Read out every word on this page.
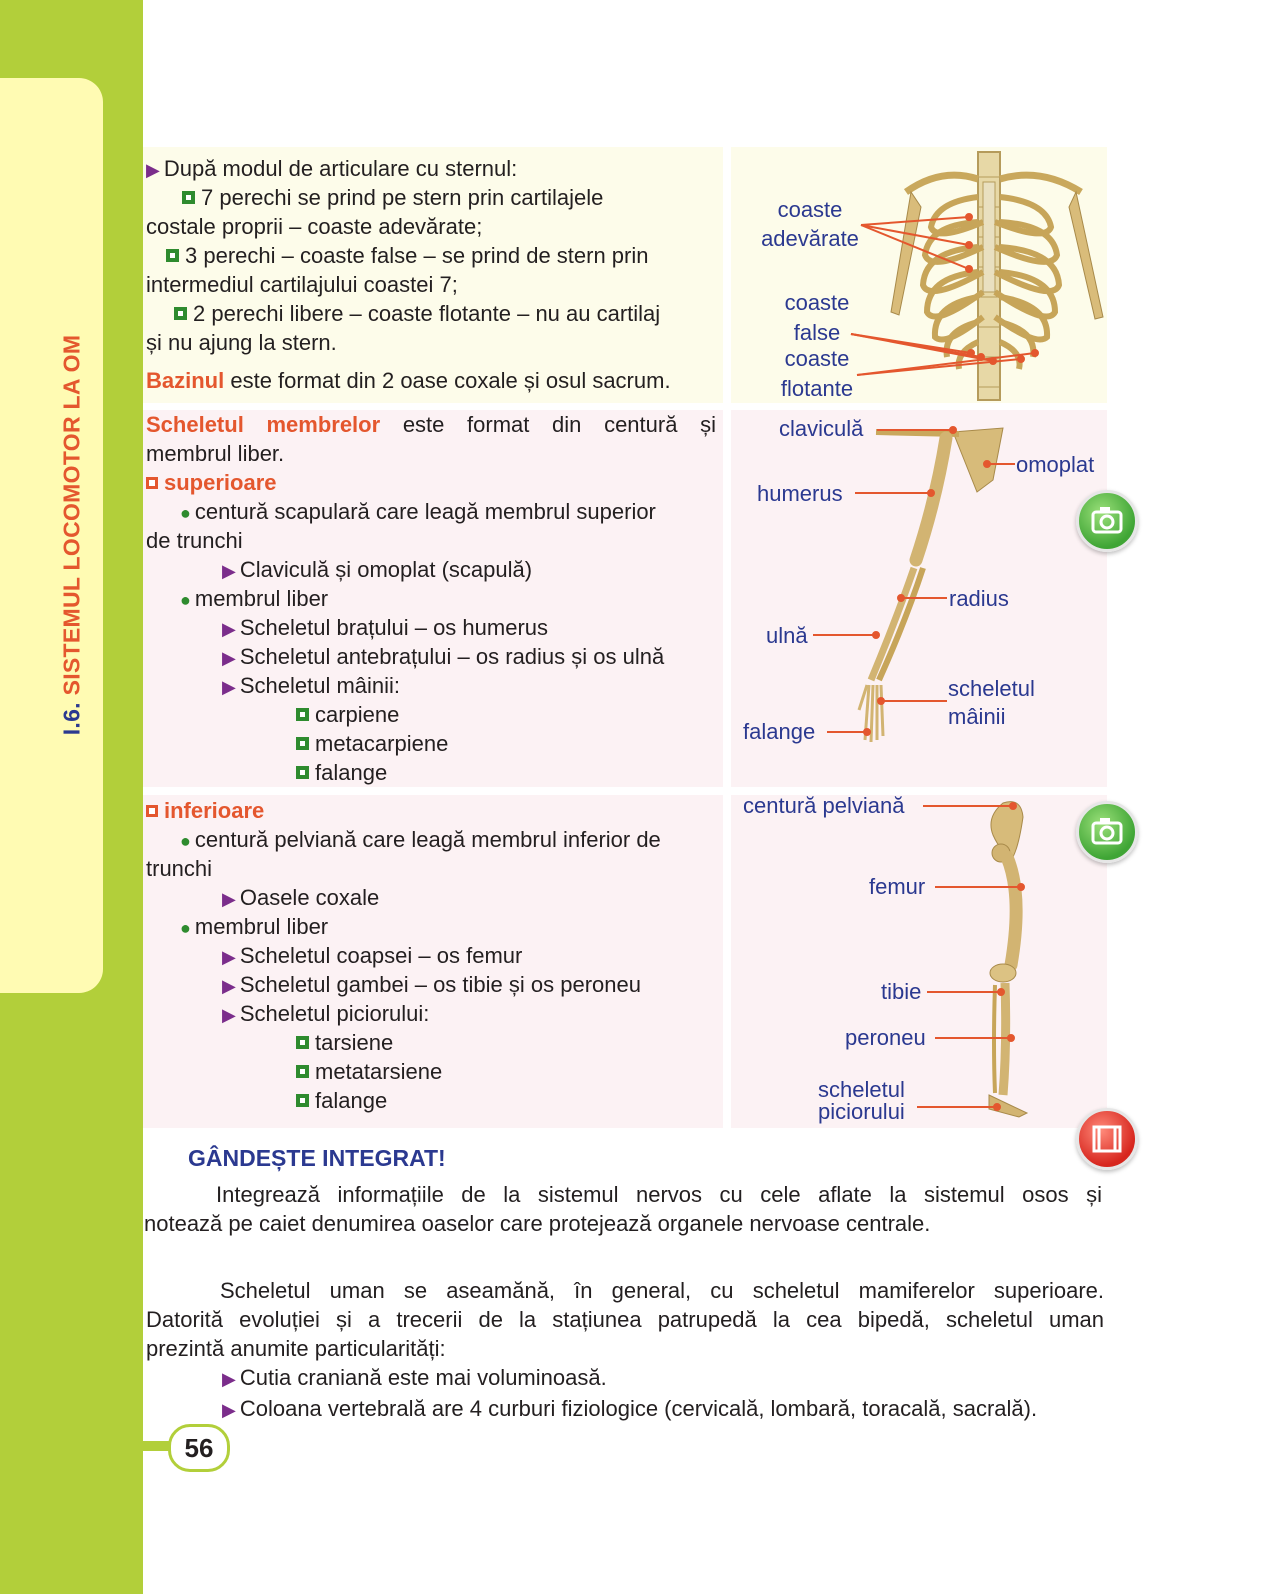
I.6. SISTEMUL LOCOMOTOR LA OM
▶ După modul de articulare cu sternul:
7 perechi se prind pe stern prin cartilajele
costale proprii – coaste adevărate;
3 perechi – coaste false – se prind de stern prin
intermediul cartilajului coastei 7;
2 perechi libere – coaste flotante – nu au cartilaj
și nu ajung la stern.
Bazinul este format din 2 oase coxale și osul sacrum.
coaste
adevărate
coaste
false
coaste
flotante
Scheletul membrelor este format din centură și
membrul liber.
superioare
● centură scapulară care leagă membrul superior
de trunchi
▶ Claviculă și omoplat (scapulă)
● membrul liber
▶ Scheletul brațului – os humerus
▶ Scheletul antebrațului – os radius și os ulnă
▶ Scheletul mâinii:
carpiene
metacarpiene
falange
claviculă
omoplat
humerus
radius
ulnă
scheletul
mâinii
falange
inferioare
● centură pelviană care leagă membrul inferior de
trunchi
▶ Oasele coxale
● membrul liber
▶ Scheletul coapsei – os femur
▶ Scheletul gambei – os tibie și os peroneu
▶ Scheletul piciorului:
tarsiene
metatarsiene
falange
centură pelviană
femur
tibie
peroneu
scheletul
piciorului
GÂNDEȘTE INTEGRAT!
Integrează informațiile de la sistemul nervos cu cele aflate la sistemul osos și
notează pe caiet denumirea oaselor care protejează organele nervoase centrale.
Scheletul uman se aseamănă, în general, cu scheletul mamiferelor superioare.
Datorită evoluției și a trecerii de la stațiunea patrupedă la cea bipedă, scheletul uman
prezintă anumite particularități:
▶ Cutia craniană este mai voluminoasă.
▶ Coloana vertebrală are 4 curburi fiziologice (cervicală, lombară, toracală, sacrală).
56
